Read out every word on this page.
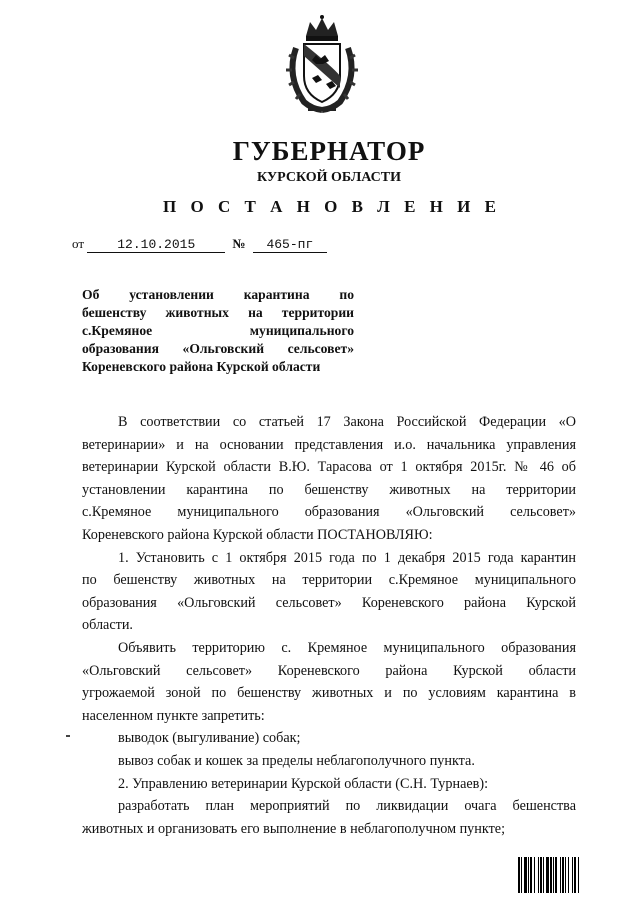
ГУБЕРНАТОР
КУРСКОЙ ОБЛАСТИ
П О С Т А Н О В Л Е Н И Е
от	12.10.2015	№ 465-пг
Об установлении карантина по
бешенству животных на территории
с.Кремяное муниципального
образования «Ольговский сельсовет»
Кореневского района Курской области
В соответствии со статьей 17 Закона Российской Федерации «О
ветеринарии» и на основании представления и.о. начальника управления
ветеринарии Курской области В.Ю. Тарасова от 1 октября 2015г. № 46 об
установлении карантина по бешенству животных на территории
с.Кремяное муниципального образования «Ольговский сельсовет»
Кореневского района Курской области ПОСТАНОВЛЯЮ:
1. Установить с 1 октября 2015 года по 1 декабря 2015 года карантин
по бешенству животных на территории с.Кремяное муниципального
образования «Ольговский сельсовет» Кореневского района Курской
области.
Объявить территорию с. Кремяное муниципального образования
«Ольговский сельсовет» Кореневского района Курской области
угрожаемой зоной по бешенству животных и по условиям карантина в
населенном пункте запретить:

выводок (выгуливание) собак;

вывоз собак и кошек за пределы неблагополучного пункта.

2. Управлению ветеринарии Курской области (С.Н. Турнаев):

разработать план мероприятий по ликвидации очага бешенства
животных и организовать его выполнение в неблагополучном пункте;
